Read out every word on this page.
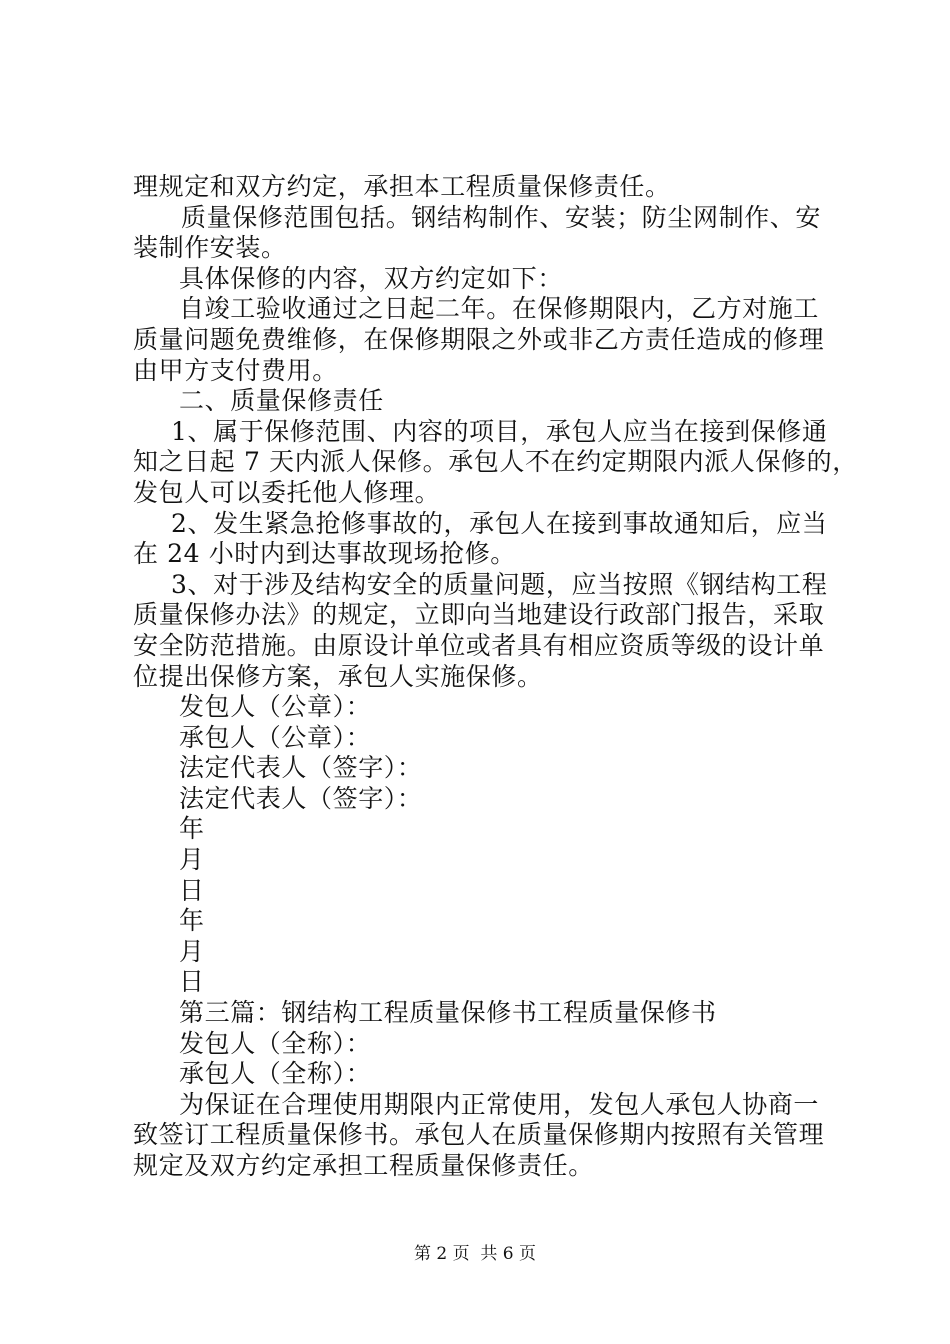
理规定和双方约定，承担本工程质量保修责任。
质量保修范围包括。钢结构制作、安装；防尘网制作、安
装制作安装。
具体保修的内容，双方约定如下：
自竣工验收通过之日起二年。在保修期限内，乙方对施工
质量问题免费维修，在保修期限之外或非乙方责任造成的修理
由甲方支付费用。
二、质量保修责任
1、属于保修范围、内容的项目，承包人应当在接到保修通
知之日起 7 天内派人保修。承包人不在约定期限内派人保修的，
发包人可以委托他人修理。
2、发生紧急抢修事故的，承包人在接到事故通知后，应当
在 24 小时内到达事故现场抢修。
3、对于涉及结构安全的质量问题，应当按照《钢结构工程
质量保修办法》的规定，立即向当地建设行政部门报告，采取
安全防范措施。由原设计单位或者具有相应资质等级的设计单
位提出保修方案，承包人实施保修。
发包人（公章）：
承包人（公章）：
法定代表人（签字）：
法定代表人（签字）：
年
月
日
年
月
日
第三篇：钢结构工程质量保修书工程质量保修书
发包人（全称）：
承包人（全称）：
为保证在合理使用期限内正常使用，发包人承包人协商一
致签订工程质量保修书。承包人在质量保修期内按照有关管理
规定及双方约定承担工程质量保修责任。
第 2 页  共 6 页
